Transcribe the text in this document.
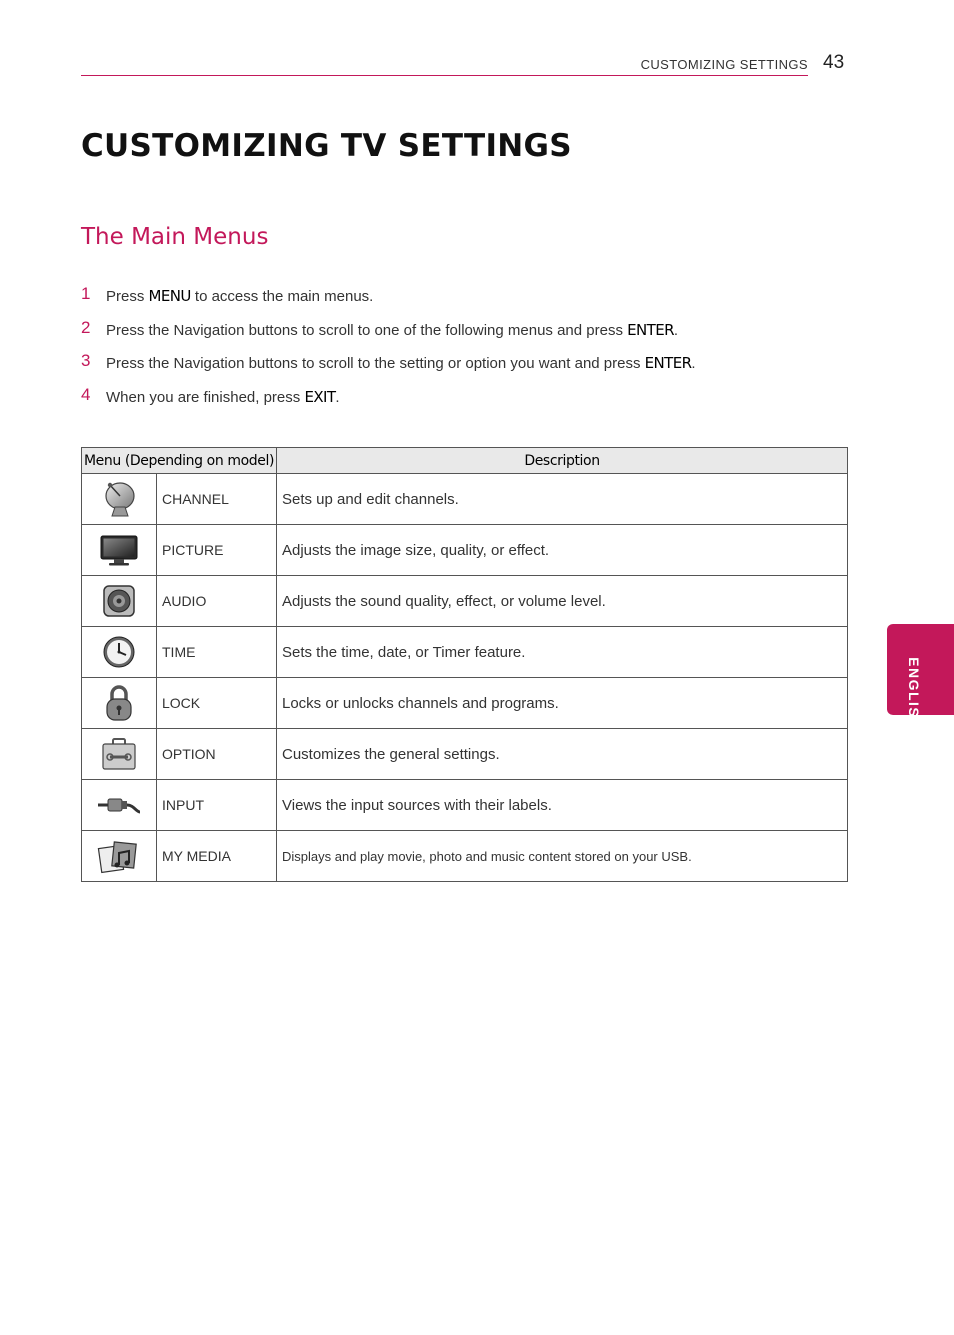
CUSTOMIZING SETTINGS 43
CUSTOMIZING TV SETTINGS
The Main Menus
1 Press MENU to access the main menus.
2 Press the Navigation buttons to scroll to one of the following menus and press ENTER.
3 Press the Navigation buttons to scroll to the setting or option you want and press ENTER.
4 When you are finished, press EXIT.
Menu (Depending on model)		Description

	CHANNEL	Sets up and edit channels.

	PICTURE	Adjusts the image size, quality, or effect.

	AUDIO	Adjusts the sound quality, effect, or volume level.

	TIME	Sets the time, date, or Timer feature.

	LOCK	Locks or unlocks channels and programs.

	OPTION	Customizes the general settings.

	INPUT	Views the input sources with their labels.

	MY MEDIA	Displays and play movie, photo and music content stored on your USB.
ENGLISH
